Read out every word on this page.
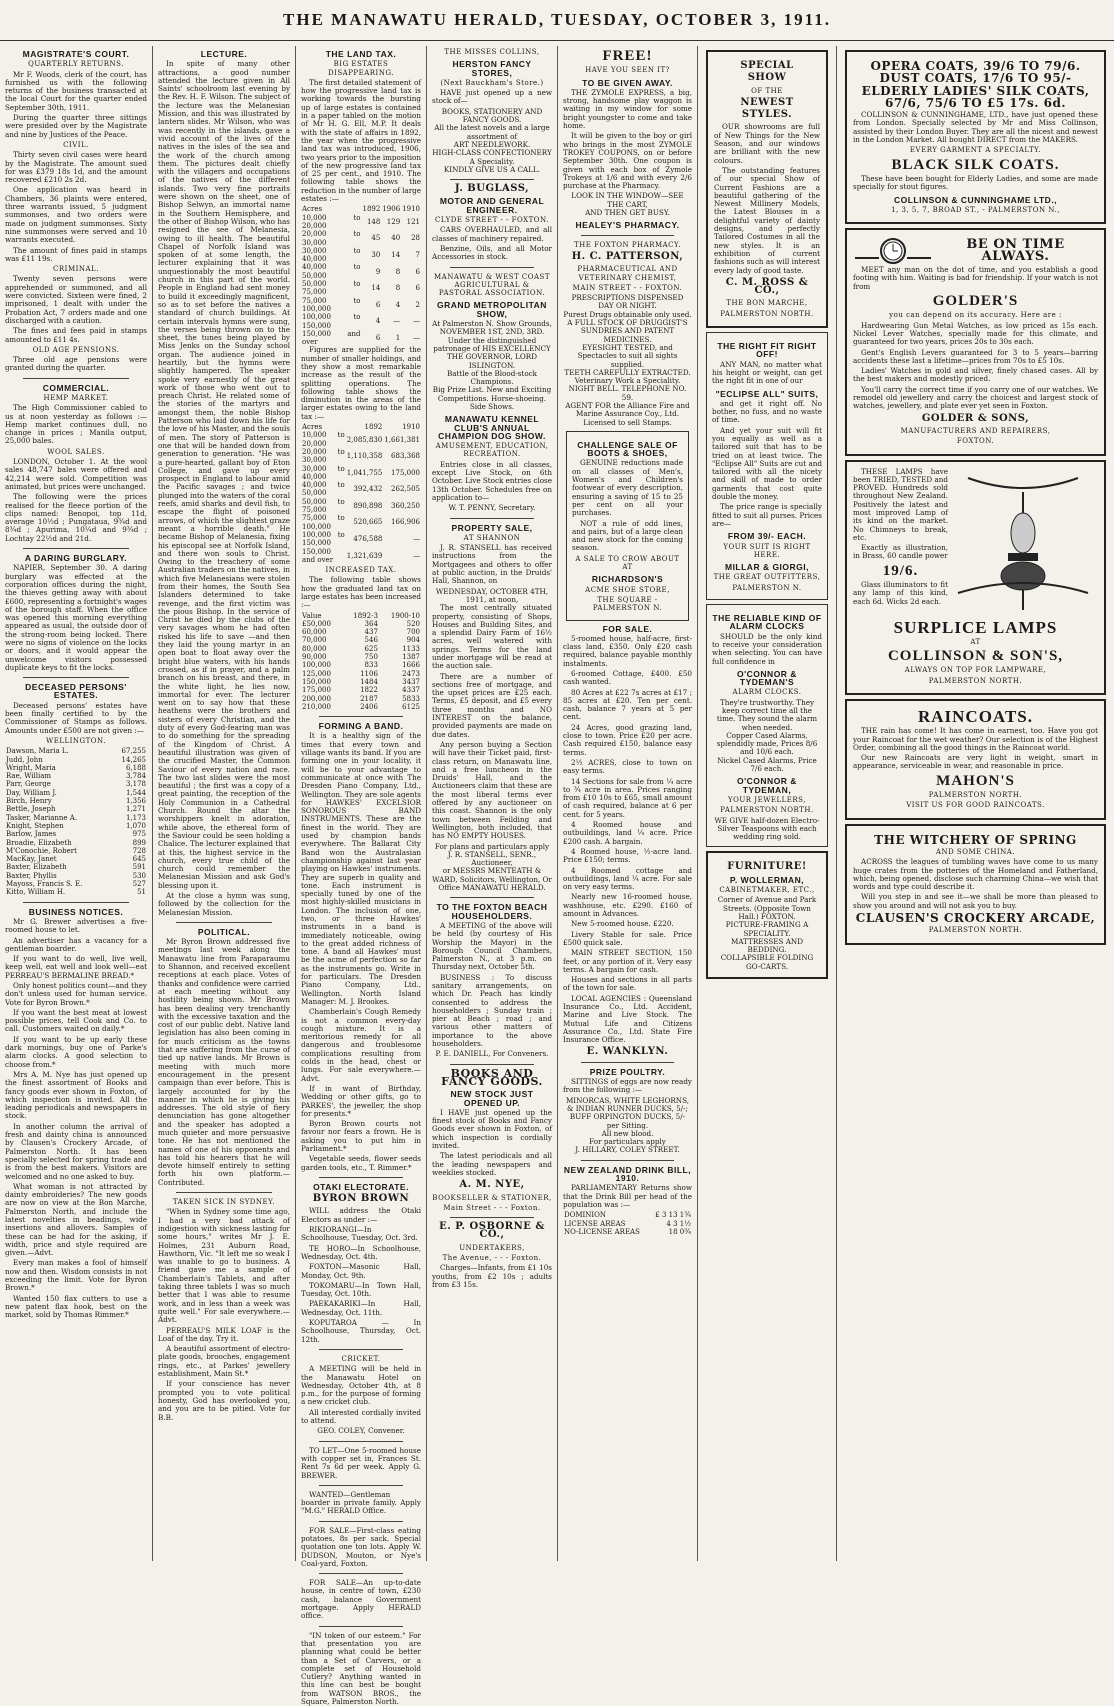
THE MANAWATU HERALD, TUESDAY, OCTOBER 3, 1911.
MAGISTRATE'S COURT.
QUARTERLY RETURNS.

Mr F. Woods, clerk of the court, has furnished us with the following returns of the business transacted at the local Court for the quarter ended September 30th, 1911.

During the quarter three sittings were presided over by the Magistrate and nine by Justices of the Peace.

CIVIL.

Thirty seven civil cases were heard by the Magistrate. The amount sued for was £379 18s 1d, and the amount recovered £210 2s 2d.

One application was heard in Chambers, 36 plaints were entered, three warrants issued, 5 judgment summonses, and two orders were made on judgment summonses. Sixty nine summonses were served and 10 warrants executed.

The amount of fines paid in stamps was £11 19s.

CRIMINAL.

Twenty seven persons were apprehended or summoned, and all were convicted. Sixteen were fined, 2 imprisoned, 1 dealt with under the Probation Act, 7 orders made and one discharged with a caution.

The fines and fees paid in stamps amounted to £11 4s.

OLD AGE PENSIONS.

Three old age pensions were granted during the quarter.

COMMERCIAL.
HEMP MARKET.

The High Commissioner cabled to us at noon yesterday as follows :—Hemp market continues dull, no change in prices ; Manila output, 25,000 bales.

WOOL SALES.

LONDON, October 1. At the wool sales 48,747 bales were offered and 42,214 were sold. Competition was animated, but prices were unchanged.

The following were the prices realised for the fleece portion of the clips named: Benopoi, top 11d, average 10½d ; Pungataua, 9¾d and 8¾d ; Apurima, 10¼d and 9¾d ; Lochtay 22½d and 21d.

A DARING BURGLARY.

NAPIER, September 30. A daring burglary was effected at the corporation offices during the night, the thieves getting away with about £600, representing a fortnight's wages of the borough staff. When the office was opened this morning everything appeared as usual, the outside door of the strong-room being locked. There were no signs of violence on the locks or doors, and it would appear the unwelcome visitors possessed duplicate keys to fit the locks.

DECEASED PERSONS' ESTATES.

Deceased persons' estates have been finally certified to by the Commissioner of Stamps as follows. Amounts under £500 are not given :—

WELLINGTON.
Dawson, Maria L.	67,255
Judd, John	14,265
Wright, Maria	6,188
Rae, William	3,784
Parr, George	3,178
Day, William J.	1,544
Birch, Henry	1,356
Bettle, Joseph	1,271
Tasker, Marianne A.	1,173
Knight, Stephen	1,070
Barlow, James	975
Broadie, Elizabeth	899
M'Conochie, Robert	728
MacKay, Janet	645
Baxter, Elizabeth	591
Baxter, Phyllis	530
Mayoss, Francis S. E.	527
Kitto, William H.	51
BUSINESS NOTICES.

Mr G. Brewer advertises a five-roomed house to let.

An advertiser has a vacancy for a gentleman boarder.

If you want to do well, live well, keep well, eat well and look well—eat PERREAU'S BERMALINE BREAD.*

Only honest politics count—and they don't unless used for human service. Vote for Byron Brown.*

If you want the best meat at lowest possible prices, tell Cook and Co. to call. Customers waited on daily.*

If you want to be up early these dark mornings, buy one of Parke's alarm clocks. A good selection to choose from.*

Mrs A. M. Nye has just opened up the finest assortment of Books and fancy goods ever shown in Foxton, of which inspection is invited. All the leading periodicals and newspapers in stock.

In another column the arrival of fresh and dainty china is announced by Clausen's Crockery Arcade, of Palmerston North. It has been specially selected for spring trade and is from the best makers. Visitors are welcomed and no one asked to buy.

What woman is not attracted by dainty embroideries? The new goods are now on view at the Bon Marche, Palmerston North, and include the latest novelties in beadings, wide insertions and allovers. Samples of these can be had for the asking, if width, price and style required are given.—Advt.

Every man makes a fool of himself now and then. Wisdom consists in not exceeding the limit. Vote for Byron Brown.*

Wanted 150 flax cutters to use a new patent flax hook, best on the market, sold by Thomas Rimmer.*

LECTURE.

In spite of many other attractions, a good number attended the lecture given in All Saints' schoolroom last evening by the Rev. H. F. Wilson. The subject of the lecture was the Melanesian Mission, and this was illustrated by lantern slides. Mr Wilson, who was was recently in the islands, gave a vivid account of the lives of the natives in the isles of the sea and the work of the church among them. The pictures dealt chiefly with the villagers and occupations of the natives of the different islands. Two very fine portraits were shown on the sheet, one of Bishop Selwyn, an immortal name in the Southern Hemisphere, and the other of Bishop Wilson, who has resigned the see of Melanesia, owing to ill health. The beautiful Chapel of Norfolk Island was spoken of at some length, the lecturer explaining that it was unquestionably the most beautiful church in this part of the world. People in England had sent money to build it exceedingly magnificent, so as to set before the natives a standard of church buildings. At certain intervals hymns were sung, the verses being thrown on to the sheet, the tunes being played by Miss Jenks on the Sunday school organ. The audience joined in heartily, but the hymns were slightly hampered. The speaker spoke very earnestly of the great work of those who went out to preach Christ. He related some of the stories of the martyrs and amongst them, the noble Bishop Patterson who laid down his life for the love of his Master, and the souls of men. The story of Patterson is one that will be handed down from generation to generation. "He was a pure-hearted, gallant boy of Eton College, and gave up every prospect in England to labour amid the Pacific savages ; and twice plunged into the waters of the coral reefs, amid sharks and devil fish, to escape the flight of poisoned arrows, of which the slightest graze meant a horrible death." He became Bishop of Melanesia, fixing his episcopal see at Norfolk Island, and there won souls to Christ. Owing to the treachery of some Australian traders on the natives, in which five Melanesians were stolen from their homes, the South Sea Islanders determined to take revenge, and the first victim was the pious Bishop. In the service of Christ he died by the clubs of the very savages whom he had often risked his life to save —and then they laid the young martyr in an open boat to float away over the bright blue waters, with his hands crossed, as if in prayer, and a palm branch on his breast, and there, in the white light, he lies now, immortal for ever. The lecturer went on to say how that these heathens were the brothers and sisters of every Christian, and the duty of every God-fearing man was to do something for the spreading of the Kingdom of Christ. A beautiful illustration was given of the crucified Master, the Common Saviour of every nation and race. The two last slides were the most beautiful ; the first was a copy of a great painting, the reception of the Holy Communion in a Cathedral Church. Round the altar the worshippers knelt in adoration, while above, the ethereal form of the Saviour could be seen holding a Chalice. The lecturer explained that at this, the highest service in the church, every true child of the church could remember the Melanesian Mission and ask God's blessing upon it.

At the close a hymn was sung, followed by the collection for the Melanesian Mission.

POLITICAL.

Mr Byron Brown addressed five meetings last week along the Manawatu line from Paraparaumu to Shannon, and received excellent receptions at each place. Votes of thanks and confidence were carried at each meeting without any hostility being shown. Mr Brown has been dealing very trenchantly with the excessive taxation and the cost of our public debt. Native land legislation has also been coming in for much criticism as the towns that are suffering from the curse of tied up native lands. Mr Brown is meeting with much more encouragement in the present campaign than ever before. This is largely accounted for by the manner in which he is giving his addresses. The old style of fiery denunciation has gone altogether and the speaker has adopted a much quieter and more persuasive tone. He has not mentioned the names of one of his opponents and has told his hearers that he will devote himself entirely to setting forth his own platform.—Contributed.

TAKEN SICK IN SYDNEY.

"When in Sydney some time ago, I had a very bad attack of indigestion with sickness lasting for some hours," writes Mr J. E. Holmes, 231 Auburn Road, Hawthorn, Vic. "It left me so weak I was unable to go to business. A friend gave me a sample of Chamberlain's Tablets, and after taking three tablets I was so much better that I was able to resume work, and in less than a week was quite well." For sale everywhere.—Advt.

PERREAU'S MILK LOAF is the Loaf of the day. Try it.

A beautiful assortment of electro-plate goods, brooches, engagement rings, etc., at Parkes' jewellery establishment, Main St.*

If your conscience has never prompted you to vote political honesty, God has overlooked you, and you are to be pitied. Vote for B.B.

THE LAND TAX.
BIG ESTATES DISAPPEARING.

The first detailed statement of how the progressive land tax is working towards the bursting up of large estates is contained in a paper tabled on the motion of Mr H. G. Ell, M.P. It deals with the state of affairs in 1892, the year when the progressive land tax was introduced, 1906, two years prior to the imposition of the new progressive land tax of 25 per cent., and 1910. The following table shows the reduction in the number of large estates :—

Acres	1892	1906	1910
10,000 to 20,000	148	129	121
20,000 to 30,000	45	40	28
30,000 to 40,000	30	14	7
40,000 to 50,000	9	8	6
50,000 to 75,000	14	8	6
75,000 to 100,000	6	4	2
100,000 to 150,000	4	—	—
150,000 and over	6	1	—

Figures are supplied for the number of smaller holdings, and they show a most remarkable increase as the result of the splitting operations. The following table shows the diminution in the areas of the larger estates owing to the land tax :—

Acres	1892	1910
10,000 to 20,000	2,085,830	1,661,381
20,000 to 30,000	1,110,358	683,368
30,000 to 40,000	1,041,755	175,000
40,000 to 50,000	392,432	262,505
50,000 to 75,000	890,898	360,250
75,000 to 100,000	520,665	166,906
100,000 to 150,000	476,588	—
150,000 and over	1,321,639	—
INCREASED TAX.

The following table shows how the graduated land tax on large estates has been increased :—

Value	1892-3	1900-10
£50,000	364	520
60,000	437	700
70,000	546	904
80,000	625	1133
90,000	750	1387
100,000	833	1666
125,000	1106	2473
150,000	1484	3437
175,000	1822	4337
200,000	2187	5833
210,000	2406	6125
FORMING A BAND.

It is a healthy sign of the times that every town and village wants its band. If you are forming one in your locality, it will be to your advantage to communicate at once with The Dresden Piano Company, Ltd., Wellington. They are sole agents for HAWKES' EXCELSIOR SONOROUS BAND INSTRUMENTS. These are the finest in the world. They are used by champion bands everywhere. The Ballarat City Band won the Australasian championship against last year playing on Hawkes' instruments. They are superb in quality and tone. Each instrument is specially tuned by one of the most highly-skilled musicians in London. The inclusion of one, two, or three Hawkes' instruments in a band is immediately noticeable, owing to the great added richness of tone. A band all Hawkes' must be the acme of perfection so far as the instruments go. Write in for particulars. The Dresden Piano Company, Ltd., Wellington. North Island Manager: M. J. Brookes.

Chamberlain's Cough Remedy is not a common every-day cough mixture. It is a meritorious remedy for all dangerous and troublesome complications resulting from colds in the head, chest or lungs. For sale everywhere.—Advt.

If in want of Birthday, Wedding or other gifts, go to PARKES', the jeweller, the shop for presents.*

Byron Brown courts not favour nor fears a frown. He is asking you to put him in Parliament.*

Vegetable seeds, flower seeds garden tools, etc., T. Rimmer.*

OTAKI ELECTORATE.
BYRON BROWN

WILL address the Otaki Electors as under :—

RIKIORANGI—In Schoolhouse, Tuesday, Oct. 3rd.

TE HORO—In Schoolhouse, Wednesday, Oct. 4th.

FOXTON—Masonic Hall, Monday, Oct. 9th.

TOKOMARU—In Town Hall, Tuesday, Oct. 10th.

PAEKAKARIKI—In Hall, Wednesday, Oct. 11th.

KOPUTAROA — In Schoolhouse, Thursday, Oct. 12th.

CRICKET.

A MEETING will be held in the Manawatu Hotel on Wednesday, October 4th, at 8 p.m., for the purpose of forming a new cricket club.

All interested cordially invited to attend.

GEO. COLEY, Convener.

TO LET—One 5-roomed house with copper set in, Frances St. Rent 7s 6d per week. Apply G. BREWER.

WANTED—Gentleman boarder in private family. Apply "M.G." HERALD Office.

FOR SALE—First-class eating potatoes, 8s per sack. Special quotation one ton lots. Apply W. DUDSON, Mouton, or Nye's Coal-yard, Foxton.

FOR SALE—An up-to-date house, in centre of town, £230 cash, balance Government mortgage. Apply HERALD office.

"IN token of our esteem." For that presentation you are planning what could be better than a Set of Carvers, or a complete set of Household Cutlery? Anything wanted in this line can best be bought from WATSON BROS., the Square, Palmerston North.

THE MISSES COLLINS,
HERSTON FANCY STORES,
(Next Bauckham's Store.)

HAVE just opened up a new stock of—

BOOKS, STATIONERY AND FANCY GOODS.
All the latest novels and a large assortment of
ART NEEDLEWORK.
HIGH-CLASS CONFECTIONERY
A Speciality.
KINDLY GIVE US A CALL.
J. BUGLASS,
MOTOR AND GENERAL ENGINEER.
CLYDE STREET - - FOXTON.

CARS OVERHAULED, and all classes of machinery repaired.

Benzine, Oils, and all Motor Accessories in stock.

MANAWATU & WEST COAST AGRICULTURAL & PASTORAL ASSOCIATION.
GRAND METROPOLITAN SHOW,
At Palmerston N. Show Grounds, NOVEMBER 1ST, 2ND, 3RD.
Under the distinguished patronage of HIS EXCELLENCY THE GOVERNOR, LORD ISLINGTON.
Battle of the Blood-stock Champions.
Big Prize List. New and Exciting Competitions. Horse-shoeing. Side Shows.
MANAWATU KENNEL CLUB'S ANNUAL CHAMPION DOG SHOW.
AMUSEMENT, EDUCATION, RECREATION.

Entries close in all classes, except Live Stock, on 6th October. Live Stock entries close 13th October. Schedules free on application to—

W. T. PENNY, Secretary.
PROPERTY SALE,
AT SHANNON

J. R. STANSELL has received instructions from the Mortgagees and others to offer at public auction, in the Druids' Hall, Shannon, on

WEDNESDAY, OCTOBER 4TH, 1911, at noon,

The most centrally situated property, consisting of Shops, Houses and Building Sites, and a splendid Dairy Farm of 16½ acres, well watered with springs. Terms for the land under mortgage will be read at the auction sale.

There are a number of sections free of mortgage, and the upset prices are £25 each. Terms, £5 deposit, and £5 every three months and NO INTEREST on the balance, provided payments are made on due dates.

Any person buying a Section will have their Ticket paid, first-class return, on Manawatu line, and a free luncheon in the Druids' Hall, and the Auctioneers claim that these are the most liberal terms ever offered by any auctioneer on this coast. Shannon is the only town between Feilding and Wellington, both included, that has NO EMPTY HOUSES.

For plans and particulars apply
J. R. STANSELL, SENR., Auctioneer,
or MESSRS MENTEATH & WARD, Solicitors, Wellington, Or Office MANAWATU HERALD.
TO THE FOXTON BEACH HOUSEHOLDERS.

A MEETING of the above will be held (by courtesy of His Worship the Mayor) in the Borough Council Chambers, Palmerston N., at 3 p.m. on Thursday next, October 5th.

BUSINESS : To discuss sanitary arrangements, on which Dr. Peach has kindly consented to address the householders ; Sunday train ; pier at Beach ; road ; and various other matters of importance to the above householders.

P. E. DANIELL, For Conveners.
BOOKS AND FANCY GOODS.
NEW STOCK JUST OPENED UP.

I HAVE just opened up the finest stock of Books and Fancy Goods ever shown in Foxton, of which inspection is cordially invited.

The latest periodicals and all the leading newspapers and weeklies stocked.

A. M. NYE,
BOOKSELLER & STATIONER,
Main Street - - - Foxton.
E. P. OSBORNE & CO.,
UNDERTAKERS,
The Avenue, - - - Foxton.

Charges—Infants, from £1 10s youths, from £2 10s ; adults from £3 15s.

FREE!
HAVE YOU SEEN IT?
TO BE GIVEN AWAY.

THE ZYMOLE EXPRESS, a big, strong, handsome play waggon is waiting in my window for some bright youngster to come and take home.

It will be given to the boy or girl who brings in the most ZYMOLE TROKEY COUPONS, on or before September 30th. One coupon is given with each box of Zymole Trokeys at 1/6 and with every 2/6 purchase at the Pharmacy.

LOOK IN THE WINDOW—SEE THE CART,
AND THEN GET BUSY.
HEALEY'S PHARMACY.
THE FOXTON PHARMACY.
H. C. PATTERSON,
PHARMACEUTICAL AND VETERINARY CHEMIST,
MAIN STREET - - FOXTON.
PRESCRIPTIONS DISPENSED DAY OR NIGHT.
Purest Drugs obtainable only used.
A FULL STOCK OF DRUGGIST'S SUNDRIES AND PATENT MEDICINES.
EYESIGHT TESTED, and Spectacles to suit all sights supplied.
TEETH CAREFULLY EXTRACTED.
Veterinary Work a Speciality. NIGHT BELL. TELEPHONE NO. 59.
AGENT FOR the Alliance Fire and Marine Assurance Coy., Ltd.
Licensed to sell Stamps.
CHALLENGE SALE OF BOOTS & SHOES,

GENUINE reductions made on all classes of Men's, Women's and Children's footwear of every description, ensuring a saving of 15 to 25 per cent on all your purchases.

NOT a rule of odd lines, and pairs, but of a large clean and new stock for the coming season.

A SALE TO CROW ABOUT AT
RICHARDSON'S
ACME SHOE STORE,
THE SQUARE - PALMERSTON N.
FOR SALE.

5-roomed house, half-acre, first-class land, £350. Only £20 cash required, balance payable monthly instalments.

6-roomed Cottage, £400. £50 cash wanted.

80 Acres at £22 7s acres at £17 ; 85 acres at £20. Ten per cent. cash, balance 7 years at 5 per cent.

24 Acres, good grazing land, close to town. Price £20 per acre. Cash required £150, balance easy terms.

2½ ACRES, close to town on easy terms.

14 Sections for sale from ¼ acre to ¾ acre in area. Prices ranging from £10 10s to £65, small amount of cash required, balance at 6 per cent. for 5 years.

4 Roomed house and outbuildings, land ¼ acre. Price £200 cash. A bargain.

4 Roomed house, ½-acre land. Price £150; terms.

4 Roomed cottage and outbuildings, land ¼ acre. For sale on very easy terms.

Nearly new 16-roomed house, washhouse, etc. £290. £160 of amount in Advances.

New 5-roomed house. £220.

Livery Stable for sale. Price £500 quick sale.

MAIN STREET SECTION, 150 feet, or any portion of it. Very easy terms. A bargain for cash.

Houses and sections in all parts of the town for sale.

LOCAL AGENCIES : Queensland Insurance Co., Ltd. Accident, Marine and Live Stock. The Mutual Life and Citizens Assurance Co., Ltd. State Fire Insurance Office.

E. WANKLYN.
PRIZE POULTRY.

SITTINGS of eggs are now ready from the following :—

MINORCAS, WHITE LEGHORNS, & INDIAN RUNNER DUCKS, 5/-; BUFF ORPINGTON DUCKS, 5/- per Sitting.
All new blood.
For particulars apply
J. HILLARY, COLEY STREET.
NEW ZEALAND DRINK BILL, 1910.

PARLIAMENTARY Returns show that the Drink Bill per head of the population was :—

DOMINION	£ 3 13 1¾
LICENSE AREAS	4 3 1½
NO-LICENSE AREAS	18 0¾
SPECIAL
SHOW
OF THE
NEWEST
STYLES.

OUR showrooms are full of New Things for the New Season, and our windows are brilliant with the new colours.

The outstanding features of our special Show of Current Fashions are a beautiful gathering of the Newest Millinery Models, the Latest Blouses in a delightful variety of dainty designs, and perfectly Tailored Costumes in all the new styles. It is an exhibition of current fashions such as will interest every lady of good taste.

C. M. ROSS & CO.,
THE BON MARCHE,
PALMERSTON NORTH.
THE RIGHT FIT RIGHT OFF!

ANY MAN, no matter what his height or weight, can get the right fit in one of our

"ECLIPSE ALL" SUITS,

and get it right off. No bother, no fuss, and no waste of time.

And yet your suit will fit you equally as well as a tailored suit that has to be tried on at least twice. The "Eclipse All" Suits are cut and tailored with all the nicety and skill of made to order garments that cost quite double the money.

The price range is specially fitted to suit all purses. Prices are—

FROM 39/- EACH.
YOUR SUIT IS RIGHT HERE.
MILLAR & GIORGI,
THE GREAT OUTFITTERS,
PALMERSTON N.
THE RELIABLE KIND OF ALARM CLOCKS

SHOULD be the only kind to receive your consideration when selecting. You can have full confidence in

O'CONNOR & TYDEMAN'S
ALARM CLOCKS.
They're trustworthy. They keep correct time all the time. They sound the alarm when needed.
Copper Cased Alarms, splendidly made, Prices 8/6 and 10/6 each.
Nickel Cased Alarms, Price 7/6 each.
O'CONNOR & TYDEMAN,
YOUR JEWELLERS,
PALMERSTON NORTH.
WE GIVE half-dozen Electro-Silver Teaspoons with each wedding ring sold.
FURNITURE!
P. WOLLERMAN,
CABINETMAKER, ETC.,
Corner of Avenue and Park Streets. (Opposite Town Hall.) FOXTON.
PICTURE-FRAMING A SPECIALITY.
MATTRESSES AND BEDDING.
COLLAPSIBLE FOLDING GO-CARTS.
OPERA COATS, 39/6 TO 79/6.
DUST COATS, 17/6 TO 95/-
ELDERLY LADIES' SILK COATS,
67/6, 75/6 TO £5 17s. 6d.

COLLINSON & CUNNINGHAME, LTD., have just opened these from London. Specially selected by Mr and Miss Collinson, assisted by their London Buyer. They are all the nicest and newest in the London Market. All bought DIRECT from the MAKERS.

EVERY GARMENT A SPECIALTY.
BLACK SILK COATS.

These have been bought for Elderly Ladies, and some are made specially for stout figures.

COLLINSON & CUNNINGHAME LTD.,
1, 3, 5, 7, BROAD ST., - PALMERSTON N.,
BE ON TIME
ALWAYS.

MEET any man on the dot of time, and you establish a good footing with him. Waiting is bad for friendship. If your watch is not from

GOLDER'S
you can depend on its accuracy. Here are :

Hardwearing Gun Metal Watches, as low priced as 15s each. Nickel Lever Watches, specially made for this climate, and guaranteed for two years, prices 20s to 30s each.

Gent's English Levers guaranteed for 3 to 5 years—barring accidents these last a lifetime—prices from 70s to £5 10s.

Ladies' Watches in gold and silver, finely chased cases. All by the best makers and modestly priced.

You'll carry the correct time if you carry one of our watches. We remodel old jewellery and carry the choicest and largest stock of watches, jewellery, and plate ever yet seen in Foxton.

GOLDER & SONS,
MANUFACTURERS AND REPAIRERS,
FOXTON.

THESE LAMPS have been TRIED, TESTED and PROVED. Hundreds sold throughout New Zealand. Positively the latest and most improved Lamp of its kind on the market. No Chimneys to break, etc.

Exactly as illustration, in Brass, 60 candle power

19/6.

Glass illuminators to fit any lamp of this kind, each 6d. Wicks 2d each.

SURPLICE LAMPS
AT
COLLINSON & SON'S,
ALWAYS ON TOP FOR LAMPWARE,
PALMERSTON NORTH.
RAINCOATS.

THE rain has come! It has come in earnest, too. Have you got your Raincoat for the wet weather? Our selection is of the Highest Order, combining all the good things in the Raincoat world.

Our new Raincoats are very light in weight, smart in appearance, serviceable in wear, and reasonable in price.

MAHON'S
PALMERSTON NORTH.
VISIT US FOR GOOD RAINCOATS.
THE WITCHERY OF SPRING
AND SOME CHINA.

ACROSS the leagues of tumbling waves have come to us many huge crates from the potteries of the Homeland and Fatherland, which, being opened, disclose such charming China—we wish that words and type could describe it.

Will you step in and see it—we shall be more than pleased to show you around and will not ask you to buy.

CLAUSEN'S CROCKERY ARCADE,
PALMERSTON NORTH.
